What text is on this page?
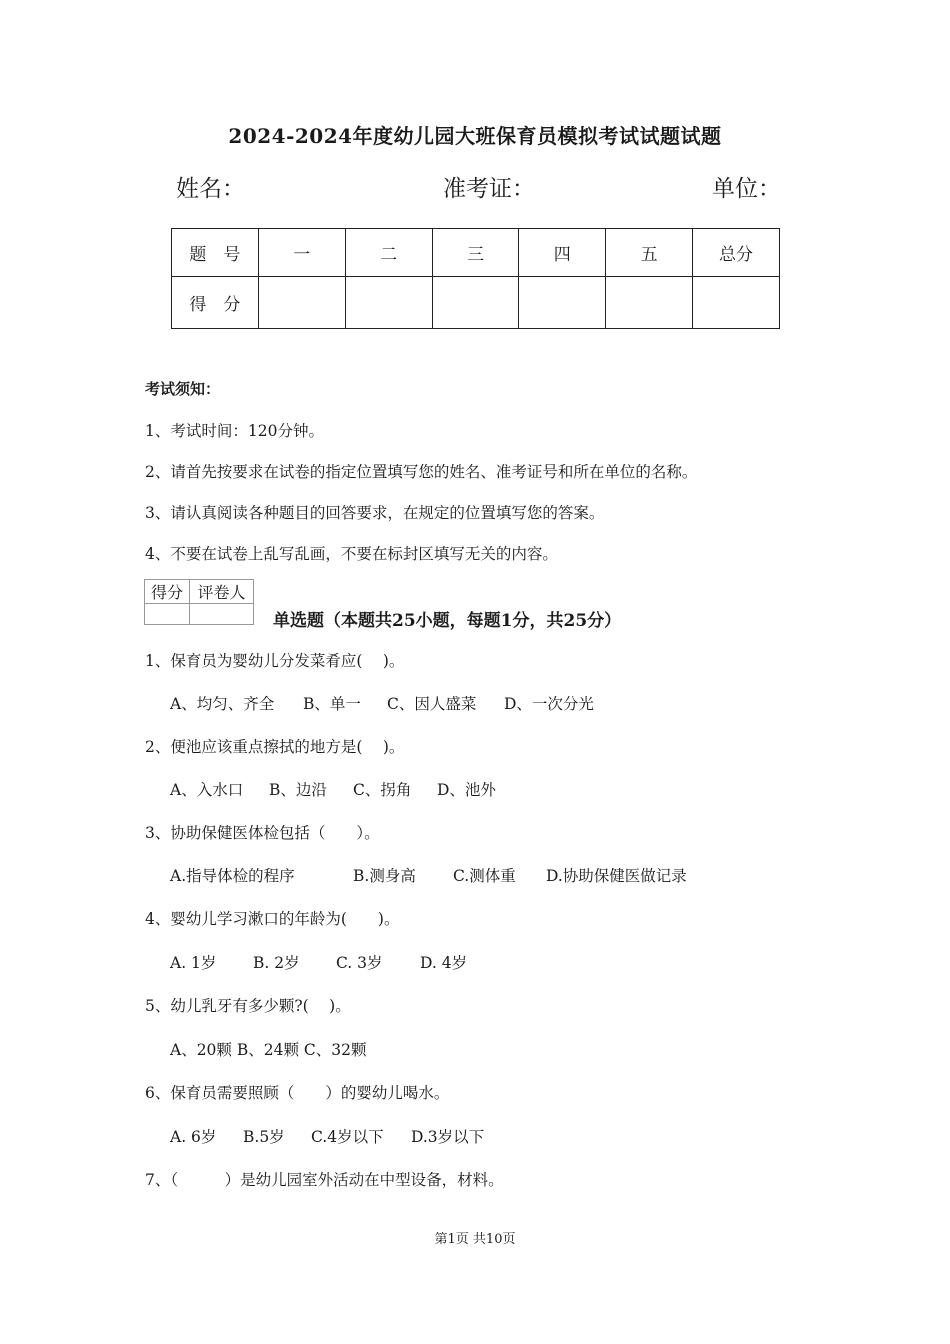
2024-2024年度幼儿园大班保育员模拟考试试题试题
姓名：	准考证：	单位：
题　号	一	二	三	四	五	总分
得　分						
考试须知：
1、考试时间：120分钟。
2、请首先按要求在试卷的指定位置填写您的姓名、准考证号和所在单位的名称。
3、请认真阅读各种题目的回答要求，在规定的位置填写您的答案。
4、不要在试卷上乱写乱画，不要在标封区填写无关的内容。
得分	评卷人

单选题（本题共25小题，每题1分，共25分）
1、保育员为婴幼儿分发菜肴应(　 )。
A、均匀、齐全 B、单一 C、因人盛菜 D、一次分光
2、便池应该重点擦拭的地方是(　 )。
A、入水口 B、边沿 C、拐角 D、池外
3、协助保健医体检包括（　　）。
A.指导体检的程序	B.测身高 C.测体重 D.协助保健医做记录
4、婴幼儿学习漱口的年龄为(　　)。
A. 1岁 B. 2岁 C. 3岁 D. 4岁
5、幼儿乳牙有多少颗?(　 )。
A、20颗 B、24颗 C、32颗
6、保育员需要照顾（　　）的婴幼儿喝水。
A. 6岁 B.5岁 C.4岁以下 D.3岁以下
7、（　　　）是幼儿园室外活动在中型设备，材料。
第1页 共10页
